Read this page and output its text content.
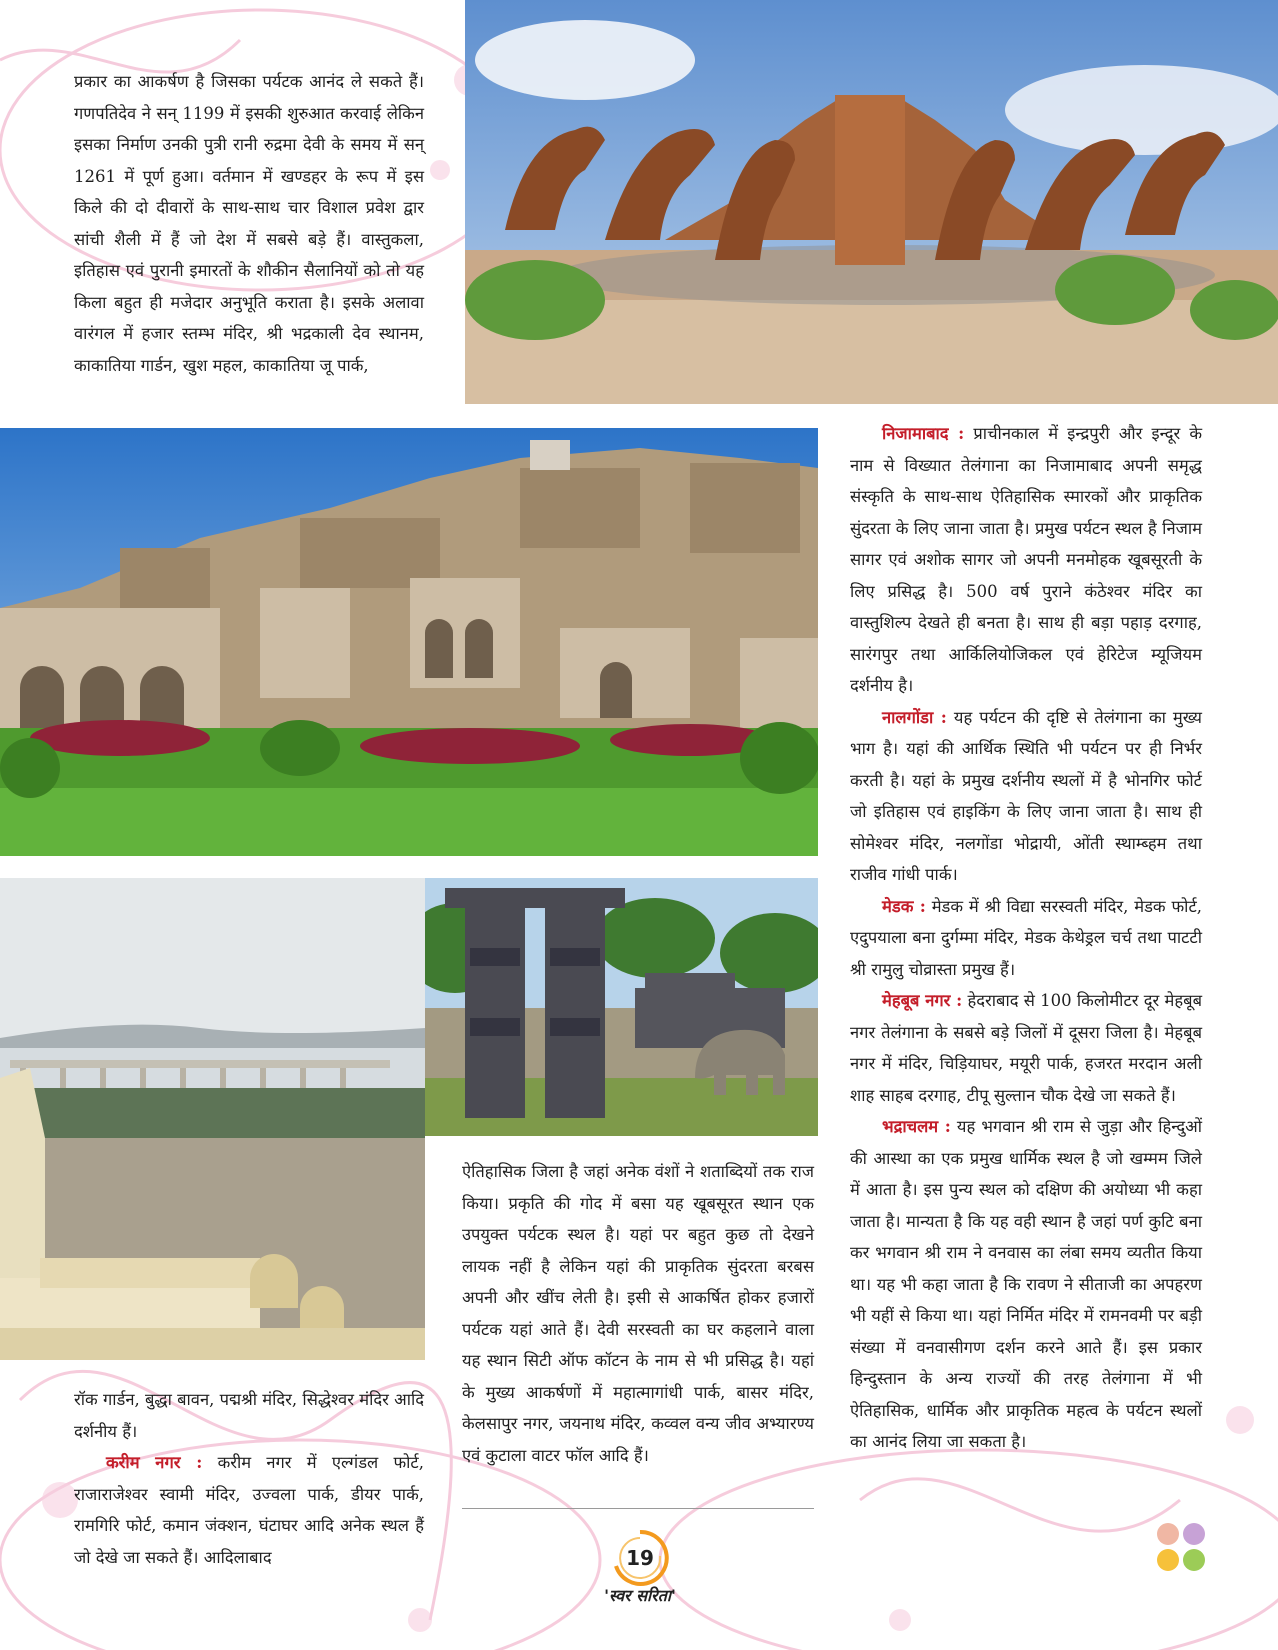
प्रकार का आकर्षण है जिसका पर्यटक आनंद ले सकते हैं। गणपतिदेव ने सन् 1199 में इसकी शुरुआत करवाई लेकिन इसका निर्माण उनकी पुत्री रानी रुद्रमा देवी के समय में सन् 1261 में पूर्ण हुआ। वर्तमान में खण्डहर के रूप में इस किले की दो दीवारों के साथ-साथ चार विशाल प्रवेश द्वार सांची शैली में हैं जो देश में सबसे बड़े हैं। वास्तुकला, इतिहास एवं पुरानी इमारतों के शौकीन सैलानियों को तो यह किला बहुत ही मजेदार अनुभूति कराता है। इसके अलावा वारंगल में हजार स्तम्भ मंदिर, श्री भद्रकाली देव स्थानम, काकातिया गार्डन, खुश महल, काकातिया जू पार्क,

निजामाबाद : प्राचीनकाल में इन्द्रपुरी और इन्दूर के नाम से विख्यात तेलंगाना का निजामाबाद अपनी समृद्ध संस्कृति के साथ-साथ ऐतिहासिक स्मारकों और प्राकृतिक सुंदरता के लिए जाना जाता है। प्रमुख पर्यटन स्थल है निजाम सागर एवं अशोक सागर जो अपनी मनमोहक खूबसूरती के लिए प्रसिद्ध है। 500 वर्ष पुराने कंठेश्वर मंदिर का वास्तुशिल्प देखते ही बनता है। साथ ही बड़ा पहाड़ दरगाह, सारंगपुर तथा आर्किलियोजिकल एवं हेरिटेज म्यूजियम दर्शनीय है।

नालगोंडा : यह पर्यटन की दृष्टि से तेलंगाना का मुख्य भाग है। यहां की आर्थिक स्थिति भी पर्यटन पर ही निर्भर करती है। यहां के प्रमुख दर्शनीय स्थलों में है भोनगिर फोर्ट जो इतिहास एवं हाइकिंग के लिए जाना जाता है। साथ ही सोमेश्वर मंदिर, नलगोंडा भोद्रायी, ओंती स्थाम्ब्हम तथा राजीव गांधी पार्क।

मेडक : मेडक में श्री विद्या सरस्वती मंदिर, मेडक फोर्ट, एदुपयाला बना दुर्गम्मा मंदिर, मेडक केथेड्रल चर्च तथा पाटटी श्री रामुलु चोव्रास्ता प्रमुख हैं।

मेहबूब नगर : हेदराबाद से 100 किलोमीटर दूर मेहबूब नगर तेलंगाना के सबसे बड़े जिलों में दूसरा जिला है। मेहबूब नगर में मंदिर, चिड़ियाघर, मयूरी पार्क, हजरत मरदान अली शाह साहब दरगाह, टीपू सुल्तान चौक देखे जा सकते हैं।

भद्राचलम : यह भगवान श्री राम से जुड़ा और हिन्दुओं की आस्था का एक प्रमुख धार्मिक स्थल है जो खम्मम जिले में आता है। इस पुन्य स्थल को दक्षिण की अयोध्या भी कहा जाता है। मान्यता है कि यह वही स्थान है जहां पर्ण कुटि बना कर भगवान श्री राम ने वनवास का लंबा समय व्यतीत किया था। यह भी कहा जाता है कि रावण ने सीताजी का अपहरण भी यहीं से किया था। यहां निर्मित मंदिर में रामनवमी पर बड़ी संख्या में वनवासीगण दर्शन करने आते हैं। इस प्रकार हिन्दुस्तान के अन्य राज्यों की तरह तेलंगाना में भी ऐतिहासिक, धार्मिक और प्राकृतिक महत्व के पर्यटन स्थलों का आनंद लिया जा सकता है।

ऐतिहासिक जिला है जहां अनेक वंशों ने शताब्दियों तक राज किया। प्रकृति की गोद में बसा यह खूबसूरत स्थान एक उपयुक्त पर्यटक स्थल है। यहां पर बहुत कुछ तो देखने लायक नहीं है लेकिन यहां की प्राकृतिक सुंदरता बरबस अपनी और खींच लेती है। इसी से आकर्षित होकर हजारों पर्यटक यहां आते हैं। देवी सरस्वती का घर कहलाने वाला यह स्थान सिटी ऑफ कॉटन के नाम से भी प्रसिद्ध है। यहां के मुख्य आकर्षणों में महात्मागांधी पार्क, बासर मंदिर, केलसापुर नगर, जयनाथ मंदिर, कव्वल वन्य जीव अभ्यारण्य एवं कुटाला वाटर फॉल आदि हैं।

रॉक गार्डन, बुद्धा बावन, पद्मश्री मंदिर, सिद्धेश्वर मंदिर आदि दर्शनीय हैं।

करीम नगर : करीम नगर में एल्गंडल फोर्ट, राजाराजेश्वर स्वामी मंदिर, उज्वला पार्क, डीयर पार्क, रामगिरि फोर्ट, कमान जंक्शन, घंटाघर आदि अनेक स्थल हैं जो देखे जा सकते हैं। आदिलाबाद	19
'स्वर सरिता'
